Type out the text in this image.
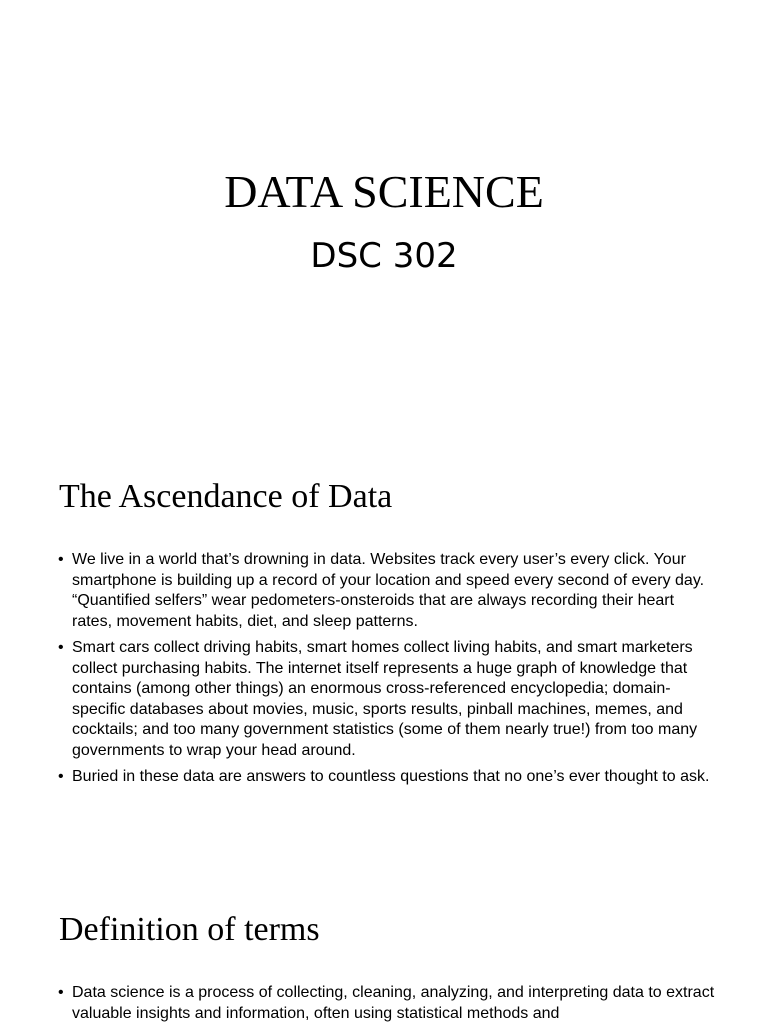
DATA SCIENCE
DSC 302
The Ascendance of Data
• We live in a world that’s drowning in data. Websites track every user’s every click. Your smartphone is building up a record of your location and speed every second of every day. “Quantified selfers” wear pedometers-onsteroids that are always recording their heart rates, movement habits, diet, and sleep patterns.
• Smart cars collect driving habits, smart homes collect living habits, and smart marketers collect purchasing habits. The internet itself represents a huge graph of knowledge that contains (among other things) an enormous cross-referenced encyclopedia; domain-specific databases about movies, music, sports results, pinball machines, memes, and cocktails; and too many government statistics (some of them nearly true!) from too many governments to wrap your head around.
• Buried in these data are answers to countless questions that no one’s ever thought to ask.
Definition of terms
• Data science is a process of collecting, cleaning, analyzing, and interpreting data to extract valuable insights and information, often using statistical methods and
